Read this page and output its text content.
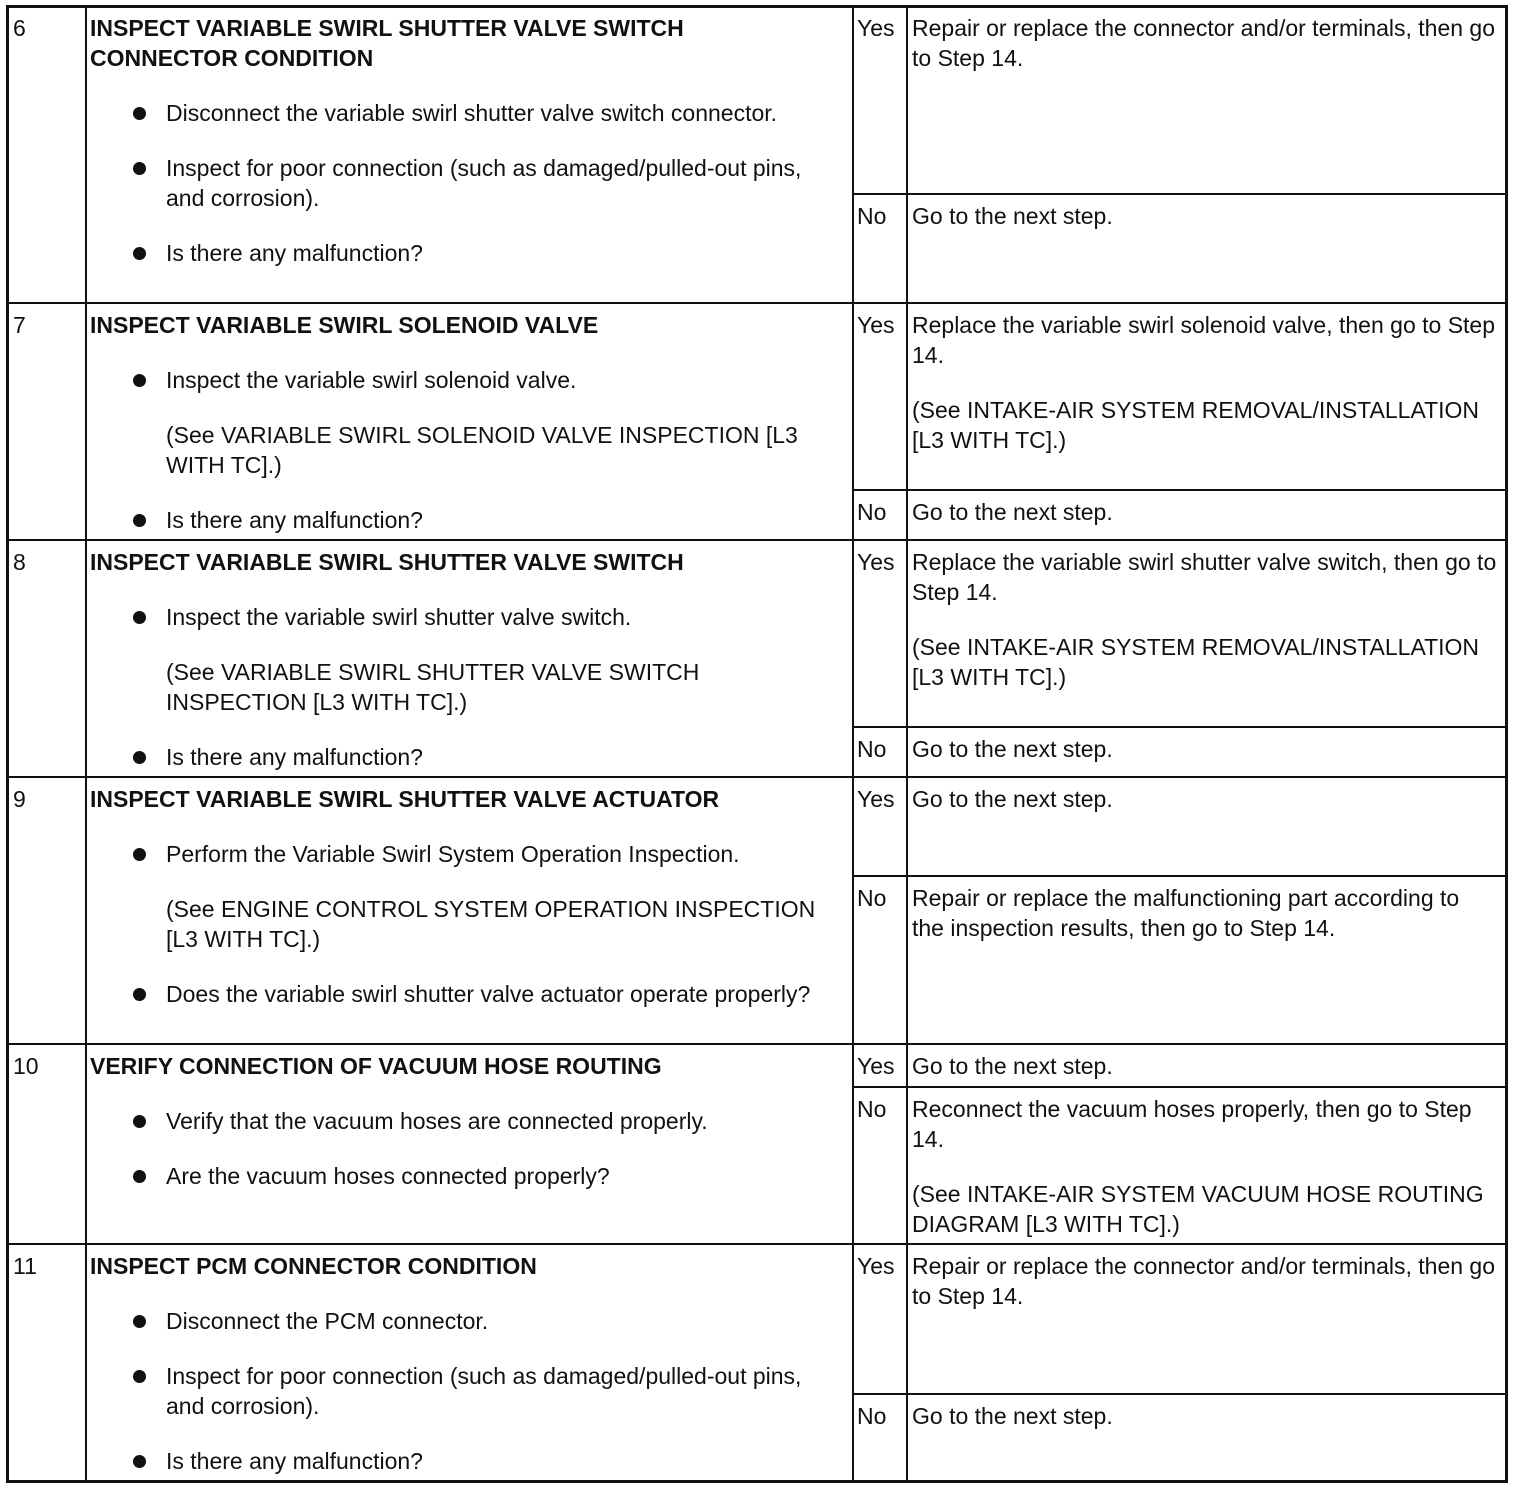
6	INSPECT VARIABLE SWIRL SHUTTER VALVE SWITCH CONNECTOR CONDITION
Disconnect the variable swirl shutter valve switch connector.
Inspect for poor connection (such as damaged/pulled-out pins, and corrosion).
Is there any malfunction?
Yes Repair or replace the connector and/or terminals, then go to Step 14.

No	Go to the next step.

7	INSPECT VARIABLE SWIRL SOLENOID VALVE
Inspect the variable swirl solenoid valve.
(See VARIABLE SWIRL SOLENOID VALVE INSPECTION [L3 WITH TC].)
Is there any malfunction?
Yes Replace the variable swirl solenoid valve, then go to Step 14.

(See INTAKE-AIR SYSTEM REMOVAL/INSTALLATION [L3 WITH TC].)

No	Go to the next step.

8	INSPECT VARIABLE SWIRL SHUTTER VALVE SWITCH
Inspect the variable swirl shutter valve switch.
(See VARIABLE SWIRL SHUTTER VALVE SWITCH INSPECTION [L3 WITH TC].)
Is there any malfunction?
Yes Replace the variable swirl shutter valve switch, then go to Step 14.

(See INTAKE-AIR SYSTEM REMOVAL/INSTALLATION [L3 WITH TC].)

No	Go to the next step.

9	INSPECT VARIABLE SWIRL SHUTTER VALVE ACTUATOR
Perform the Variable Swirl System Operation Inspection.
(See ENGINE CONTROL SYSTEM OPERATION INSPECTION [L3 WITH TC].)
Does the variable swirl shutter valve actuator operate properly?
Yes Go to the next step.

No	Repair or replace the malfunctioning part according to the inspection results, then go to Step 14.

10 VERIFY CONNECTION OF VACUUM HOSE ROUTING
Verify that the vacuum hoses are connected properly.
Are the vacuum hoses connected properly?
Yes Go to the next step.

No	Reconnect the vacuum hoses properly, then go to Step 14.

(See INTAKE-AIR SYSTEM VACUUM HOSE ROUTING DIAGRAM [L3 WITH TC].)

11 INSPECT PCM CONNECTOR CONDITION
Disconnect the PCM connector.
Inspect for poor connection (such as damaged/pulled-out pins, and corrosion).
Is there any malfunction?
Yes Repair or replace the connector and/or terminals, then go to Step 14.

No	Go to the next step.
